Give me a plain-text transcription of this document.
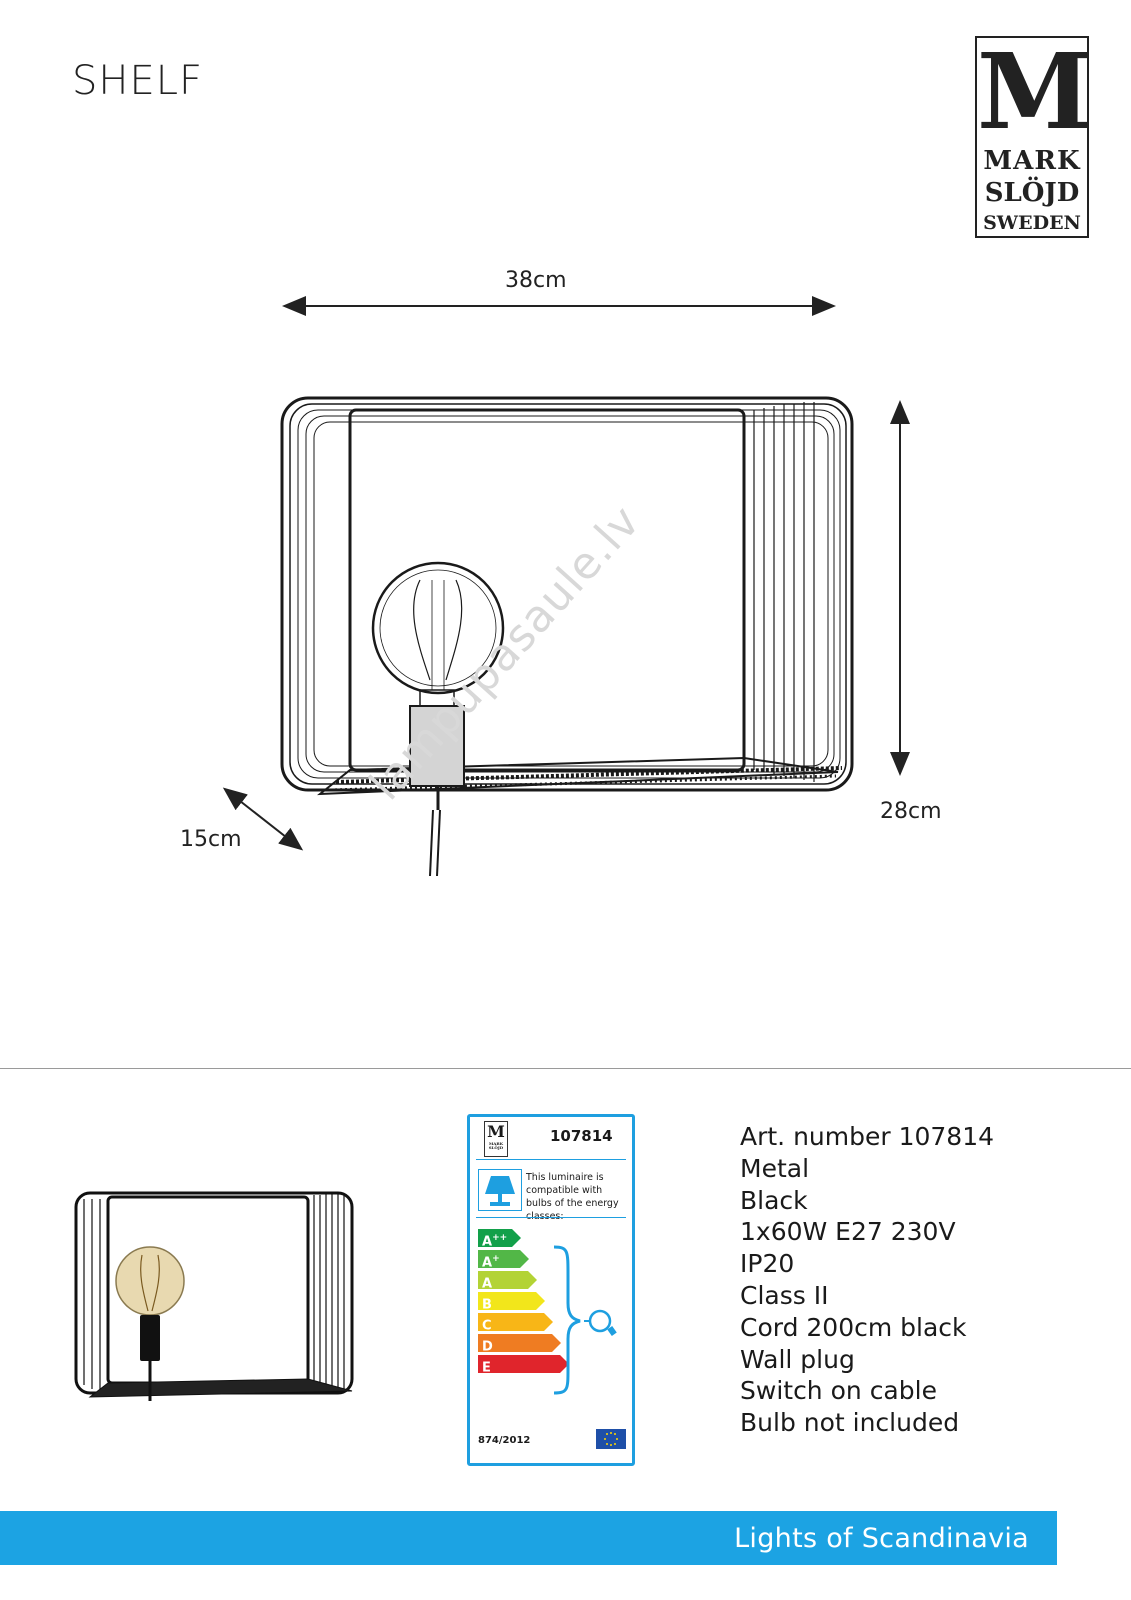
SHELF	M
MARK
SLÖJD
SWEDEN
38cm
28cm
15cm
lampupasaule.lv
M
MARK
SLÖJD
107814
This luminaire is compatible with bulbs of the energy
A++
A+
A
B
C
D
E
874/2012
Art. number 107814
Metal
Black
1x60W E27 230V
IP20
Class II
Cord 200cm black
Wall plug
Switch on cable
Bulb not included
Lights of Scandinavia
